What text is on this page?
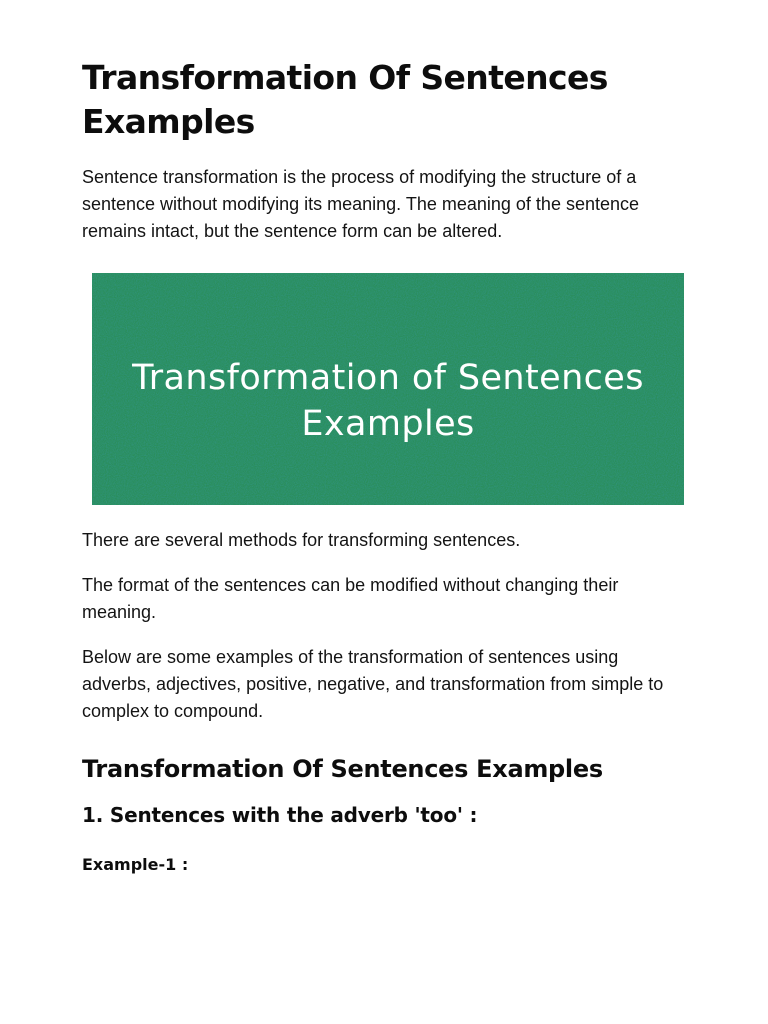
Transformation Of Sentences Examples

Sentence transformation is the process of modifying the structure of a sentence without modifying its meaning. The meaning of the sentence remains intact, but the sentence form can be altered.

Transformation of Sentences
Examples

There are several methods for transforming sentences.

The format of the sentences can be modified without changing their meaning.

Below are some examples of the transformation of sentences using adverbs, adjectives, positive, negative, and transformation from simple to complex to compound.

Transformation Of Sentences Examples
1. Sentences with the adverb 'too' :
Example-1 :
